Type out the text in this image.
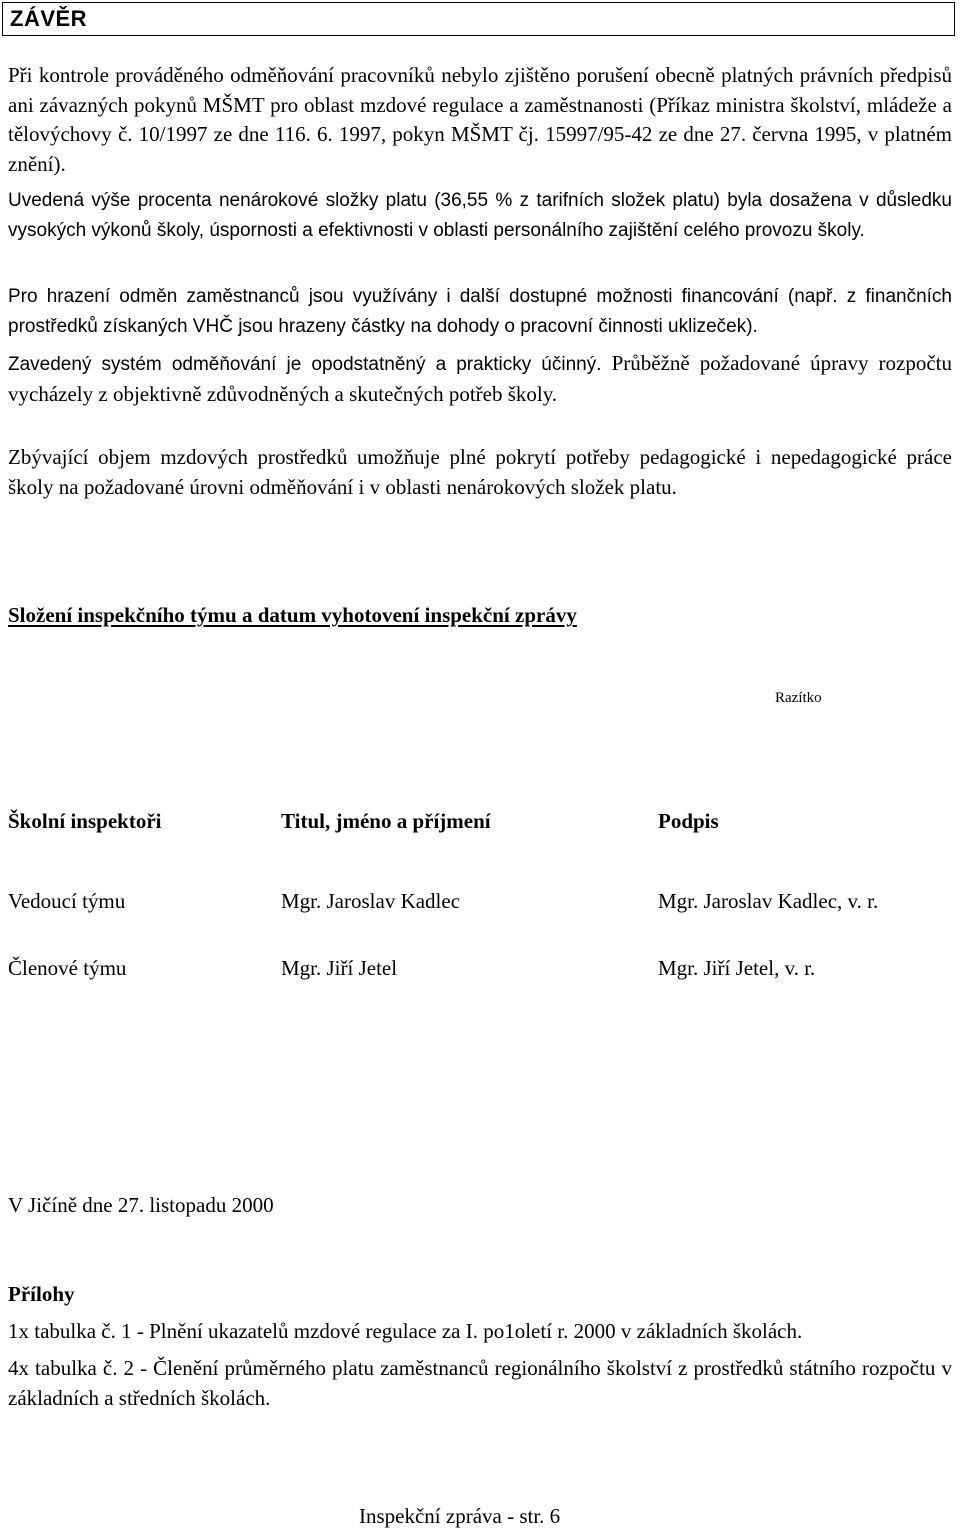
ZÁVĚR

Při kontrole prováděného odměňování pracovníků nebylo zjištěno porušení obecně platných právních předpisů ani závazných pokynů MŠMT pro oblast mzdové regulace a zaměstnanosti (Příkaz ministra školství, mládeže a tělovýchovy č. 10/1997 ze dne 116. 6. 1997, pokyn MŠMT čj. 15997/95-42 ze dne 27. června 1995, v platném znění).

Uvedená výše procenta nenárokové složky platu (36,55 % z tarifních složek platu) byla dosažena v důsledku vysokých výkonů školy, úspornosti a efektivnosti v oblasti personálního zajištění celého provozu školy.

Pro hrazení odměn zaměstnanců jsou využívány i další dostupné možnosti financování (např. z finančních prostředků získaných VHČ jsou hrazeny částky na dohody o pracovní činnosti uklizeček).

Zavedený systém odměňování je opodstatněný a prakticky účinný. Průběžně požadované úpravy rozpočtu vycházely z objektivně zdůvodněných a skutečných potřeb školy.

Zbývající objem mzdových prostředků umožňuje plné pokrytí potřeby pedagogické i nepedagogické práce školy na požadované úrovni odměňování i v oblasti nenárokových složek platu.

Složení inspekčního týmu a datum vyhotovení inspekční zprávy
Razítko
Školní inspektoři	Titul, jméno a příjmení	Podpis
Vedoucí týmu	Mgr. Jaroslav Kadlec	Mgr. Jaroslav Kadlec, v. r.
Členové týmu	Mgr. Jiří Jetel	Mgr. Jiří Jetel, v. r.
V Jičíně dne 27. listopadu 2000
Přílohy

1x tabulka č. 1 - Plnění ukazatelů mzdové regulace za I. po1oletí r. 2000 v základních školách.

4x tabulka č. 2 - Členění průměrného platu zaměstnanců regionálního školství z prostředků státního rozpočtu v základních a středních školách.

Inspekční zpráva - str. 6
